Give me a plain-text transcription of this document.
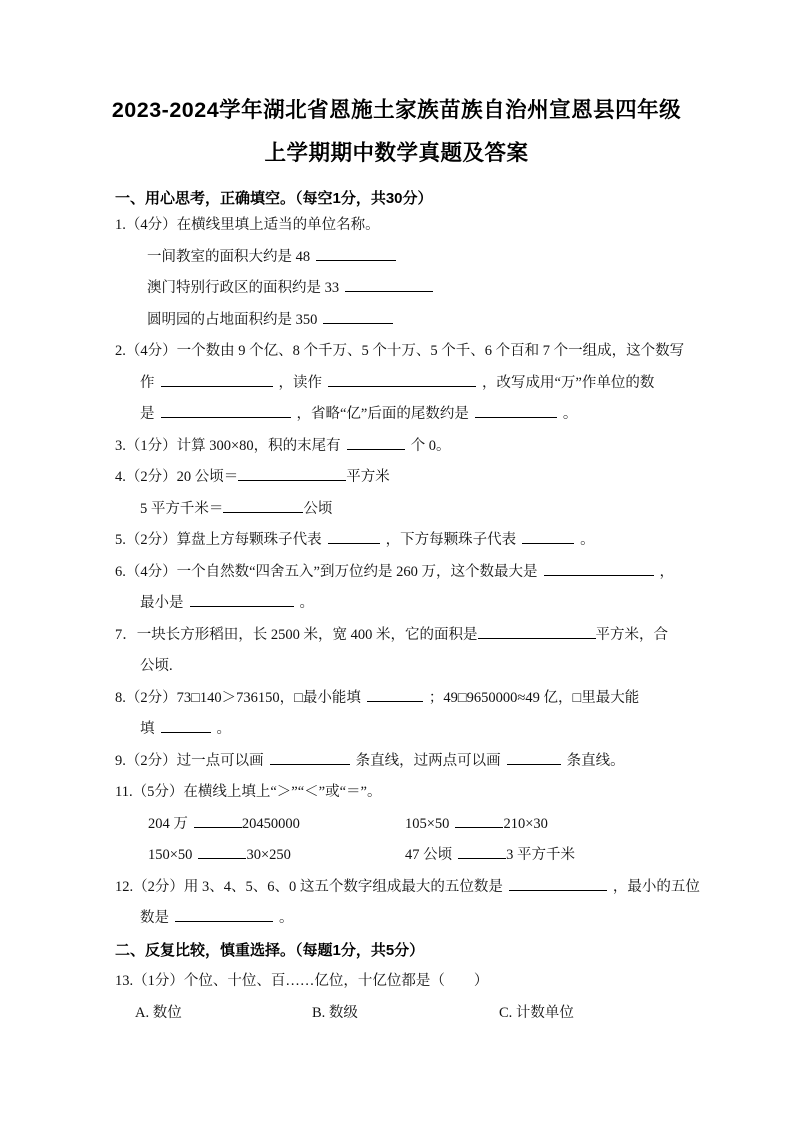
2023-2024学年湖北省恩施土家族苗族自治州宣恩县四年级
上学期期中数学真题及答案
一、用心思考，正确填空。（每空1分，共30分）
1.（4分）在横线里填上适当的单位名称。
一间教室的面积大约是 48
澳门特别行政区的面积约是 33
圆明园的占地面积约是 350
2.（4分）一个数由 9 个亿、8 个千万、5 个十万、5 个千、6 个百和 7 个一组成，这个数写
作	，读作	，改写成用“万”作单位的数
是	，省略“亿”后面的尾数约是	。
3.（1分）计算 300×80，积的末尾有	个 0。
4.（2分）20 公顷＝	平方米
5 平方千米＝	公顷
5.（2分）算盘上方每颗珠子代表	，下方每颗珠子代表	。
6.（4分）一个自然数“四舍五入”到万位约是 260 万，这个数最大是	，
最小是	。
7．一块长方形稻田，长 2500 米，宽 400 米，它的面积是	平方米，合
公顷.
8.（2分）73□140＞736150，□最小能填	；49□9650000≈49 亿，□里最大能
填	。
9.（2分）过一点可以画	条直线，过两点可以画	条直线。
11.（5分）在横线上填上“＞”“＜”或“＝”。
204 万	20450000	105×50	210×30
150×50	30×250	47 公顷	3 平方千米
12.（2分）用 3、4、5、6、0 这五个数字组成最大的五位数是	，最小的五位
数是	。
二、反复比较，慎重选择。（每题1分，共5分）
13.（1分）个位、十位、百……亿位，十亿位都是（　　）
A. 数位	B. 数级	C. 计数单位
